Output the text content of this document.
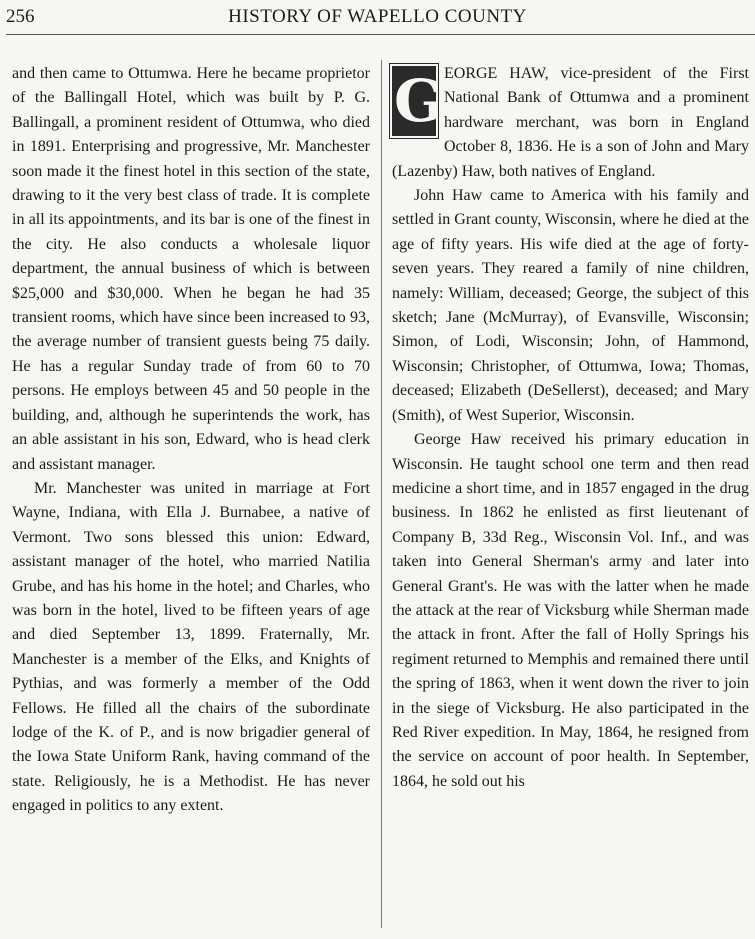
256	HISTORY OF WAPELLO COUNTY

and then came to Ottumwa. Here he became proprietor of the Ballingall Hotel, which was built by P. G. Ballingall, a prominent resident of Ottumwa, who died in 1891. Enterprising and progressive, Mr. Manchester soon made it the finest hotel in this section of the state, drawing to it the very best class of trade. It is complete in all its appointments, and its bar is one of the finest in the city. He also conducts a wholesale liquor department, the annual business of which is between $25,000 and $30,000. When he began he had 35 transient rooms, which have since been increased to 93, the average number of transient guests being 75 daily. He has a regular Sunday trade of from 60 to 70 persons. He employs between 45 and 50 people in the building, and, although he superintends the work, has an able assistant in his son, Edward, who is head clerk and assistant manager.

Mr. Manchester was united in marriage at Fort Wayne, Indiana, with Ella J. Burnabee, a native of Vermont. Two sons blessed this union: Edward, assistant manager of the hotel, who married Natilia Grube, and has his home in the hotel; and Charles, who was born in the hotel, lived to be fifteen years of age and died September 13, 1899. Fraternally, Mr. Manchester is a member of the Elks, and Knights of Pythias, and was formerly a member of the Odd Fellows. He filled all the chairs of the subordinate lodge of the K. of P., and is now brigadier general of the Iowa State Uniform Rank, having command of the state. Religiously, he is a Methodist. He has never engaged in politics to any extent.

G EORGE HAW, vice-president of the First National Bank of Ottumwa and a prominent hardware merchant, was born in England October 8, 1836. He is a son of John and Mary (Lazenby) Haw, both natives of England.

John Haw came to America with his family and settled in Grant county, Wisconsin, where he died at the age of fifty years. His wife died at the age of forty-seven years. They reared a family of nine children, namely: William, deceased; George, the subject of this sketch; Jane (McMurray), of Evansville, Wisconsin; Simon, of Lodi, Wisconsin; John, of Hammond, Wisconsin; Christopher, of Ottumwa, Iowa; Thomas, deceased; Elizabeth (DeSellerst), deceased; and Mary (Smith), of West Superior, Wisconsin.

George Haw received his primary education in Wisconsin. He taught school one term and then read medicine a short time, and in 1857 engaged in the drug business. In 1862 he enlisted as first lieutenant of Company B, 33d Reg., Wisconsin Vol. Inf., and was taken into General Sherman's army and later into General Grant's. He was with the latter when he made the attack at the rear of Vicksburg while Sherman made the attack in front. After the fall of Holly Springs his regiment returned to Memphis and remained there until the spring of 1863, when it went down the river to join in the siege of Vicksburg. He also participated in the Red River expedition. In May, 1864, he resigned from the service on account of poor health. In September, 1864, he sold out his
